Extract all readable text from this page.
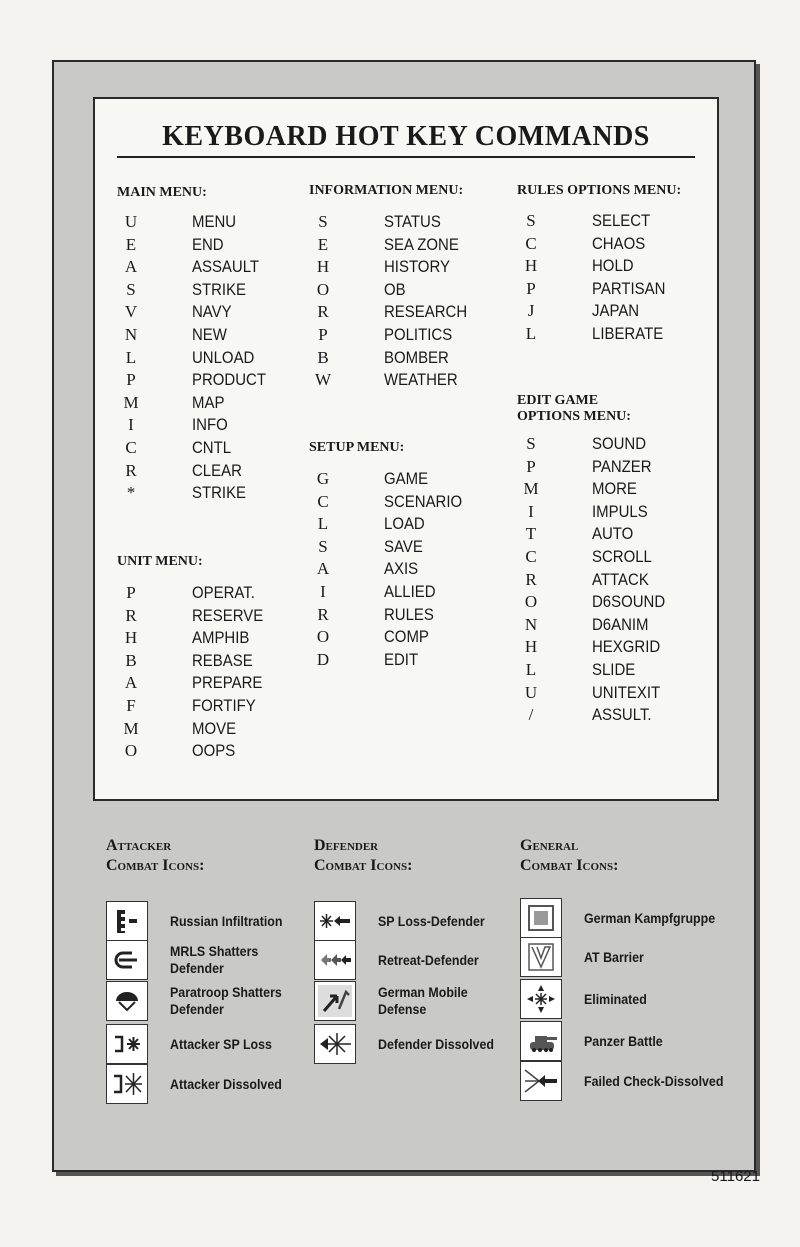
KEYBOARD HOT KEY COMMANDS
MAIN MENU:
U	MENU
E	END
A	ASSAULT
S	STRIKE
V	NAVY
N	NEW
L	UNLOAD
P	PRODUCT
M	MAP
I	INFO
C	CNTL
R	CLEAR
*	STRIKE
UNIT MENU:
P	OPERAT.
R	RESERVE
H	AMPHIB
B	REBASE
A	PREPARE
F	FORTIFY
M	MOVE
O	OOPS
INFORMATION MENU:
S	STATUS
E	SEA ZONE
H	HISTORY
O	OB
R	RESEARCH
P	POLITICS
B	BOMBER
W	WEATHER
SETUP MENU:
G	GAME
C	SCENARIO
L	LOAD
S	SAVE
A	AXIS
I	ALLIED
R	RULES
O	COMP
D	EDIT
RULES OPTIONS MENU:
S	SELECT
C	CHAOS
H	HOLD
P	PARTISAN
J	JAPAN
L	LIBERATE
EDIT GAME
OPTIONS MENU:
S	SOUND
P	PANZER
M	MORE
I	IMPULS
T	AUTO
C	SCROLL
R	ATTACK
O	D6SOUND
N	D6ANIM
H	HEXGRID
L	SLIDE
U	UNITEXIT
/	ASSULT.
Attacker
Combat Icons:
Russian Infiltration
MRLS Shatters
Defender
Paratroop Shatters
Defender
Attacker SP Loss
Attacker Dissolved
Defender
Combat Icons:
SP Loss-Defender
Retreat-Defender
German Mobile
Defense
Defender Dissolved
General
Combat Icons:
German Kampfgruppe
AT Barrier
Eliminated
Panzer Battle
Failed Check-Dissolved
511621
